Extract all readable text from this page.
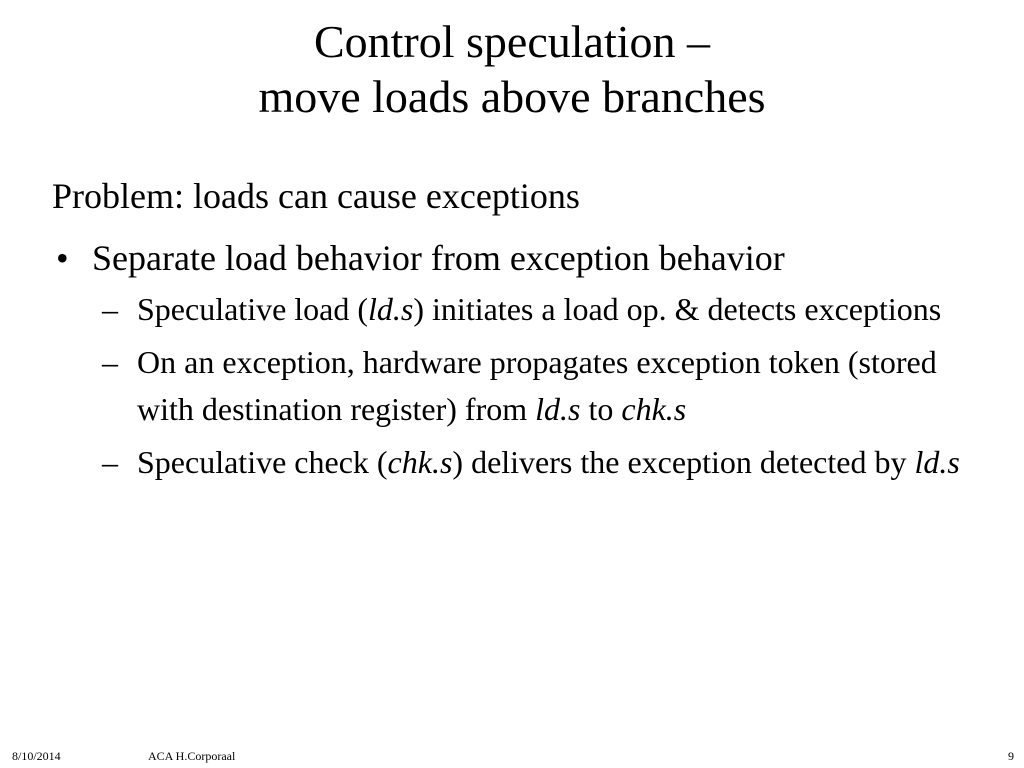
Control speculation –
move loads above branches

Problem: loads can cause exceptions

• Separate load behavior from exception behavior
– Speculative load (ld.s) initiates a load op. & detects exceptions
– On an exception, hardware propagates exception token (stored with destination register) from ld.s to chk.s
– Speculative check (chk.s) delivers the exception detected by ld.s
8/10/2014	ACA H.Corporaal	9
